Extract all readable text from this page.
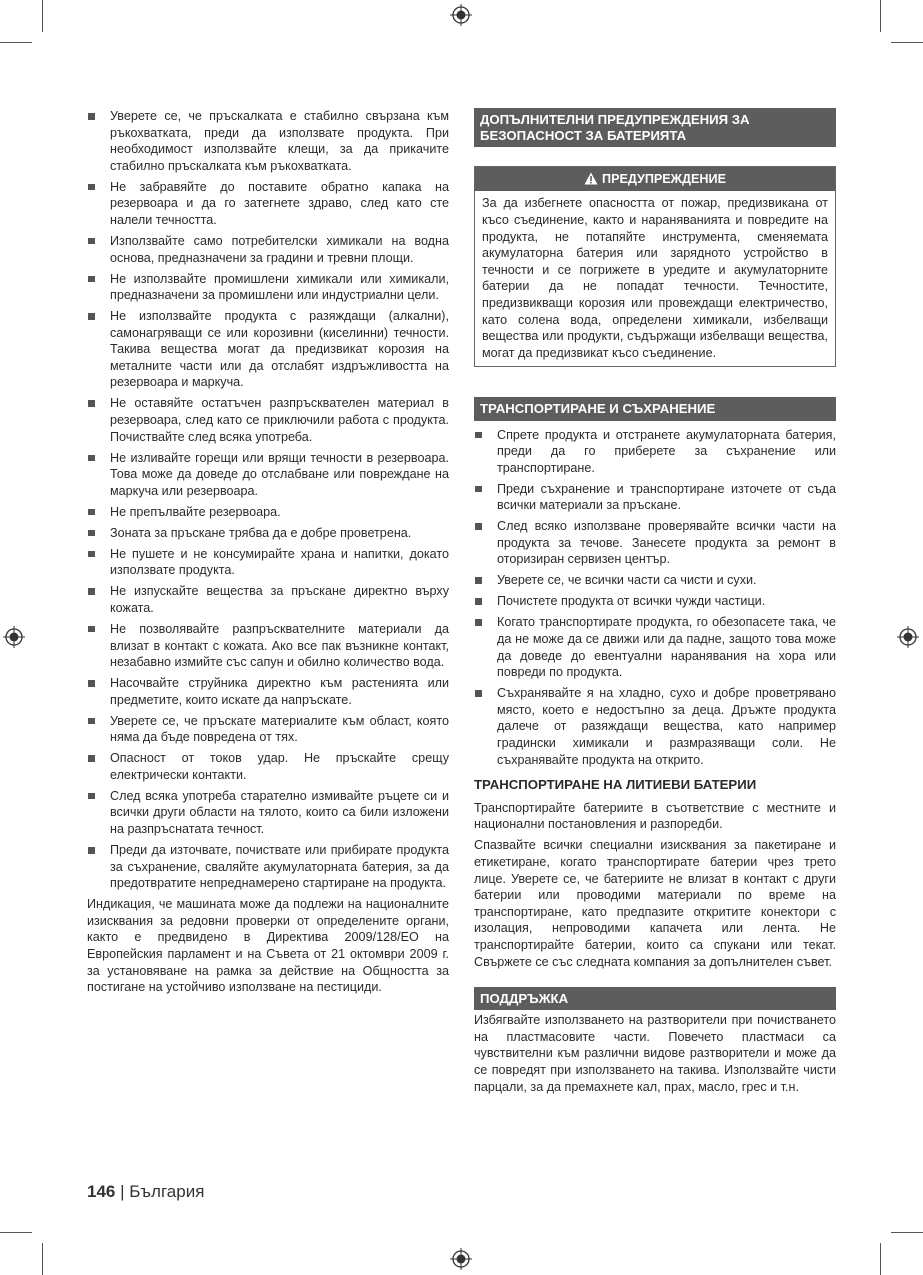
Уверете се, че пръскалката е стабилно свързана към ръкохватката, преди да използвате продукта. При необходимост използвайте клещи, за да прикачите стабилно пръскалката към ръкохватката.
Не забравяйте до поставите обратно капака на резервоара и да го затегнете здраво, след като сте налели течността.
Използвайте само потребителски химикали на водна основа, предназначени за градини и тревни площи.
Не използвайте промишлени химикали или химикали, предназначени за промишлени или индустриални цели.
Не използвайте продукта с разяждащи (алкални), самонагряващи се или корозивни (киселинни) течности. Такива вещества могат да предизвикат корозия на металните части или да отслабят издръжливостта на резервоара и маркуча.
Не оставяйте остатъчен разпръсквателен материал в резервоара, след като се приключили работа с продукта. Почиствайте след всяка употреба.
Не изливайте горещи или врящи течности в резервоара. Това може да доведе до отслабване или повреждане на маркуча или резервоара.
Не препълвайте резервоара.
Зоната за пръскане трябва да е добре проветрена.
Не пушете и не консумирайте храна и напитки, докато използвате продукта.
Не изпускайте вещества за пръскане директно върху кожата.
Не позволявайте разпръсквателните материали да влизат в контакт с кожата. Ако все пак възникне контакт, незабавно измийте със сапун и обилно количество вода.
Насочвайте струйника директно към растенията или предметите, които искате да напръскате.
Уверете се, че пръскате материалите към област, която няма да бъде повредена от тях.
Опасност от токов удар. Не пръскайте срещу електрически контакти.
След всяка употреба старателно измивайте ръцете си и всички други области на тялото, които са били изложени на разпръснатата течност.
Преди да източвате, почиствате или прибирате продукта за съхранение, сваляйте акумулаторната батерия, за да предотвратите непреднамерено стартиране на продукта.

Индикация, че машината може да подлежи на националните изисквания за редовни проверки от определените органи, както е предвидено в Директива 2009/128/ЕО на Европейския парламент и на Съвета от 21 октомври 2009 г. за установяване на рамка за действие на Общността за постигане на устойчиво използване на пестициди.

ДОПЪЛНИТЕЛНИ ПРЕДУПРЕЖДЕНИЯ ЗА БЕЗОПАСНОСТ ЗА БАТЕРИЯТА
ПРЕДУПРЕЖДЕНИЕ
За да избегнете опасността от пожар, предизвикана от късо съединение, както и нараняванията и повредите на продукта, не потапяйте инструмента, сменяемата акумулаторна батерия или зарядното устройство в течности и се погрижете в уредите и акумулаторните батерии да не попадат течности. Течностите, предизвикващи корозия или провеждащи електричество, като солена вода, определени химикали, избелващи вещества или продукти, съдържащи избелващи вещества, могат да предизвикат късо съединение.
ТРАНСПОРТИРАНЕ И СЪХРАНЕНИЕ
Спрете продукта и отстранете акумулаторната батерия, преди да го приберете за съхранение или транспортиране.
Преди съхранение и транспортиране източете от съда всички материали за пръскане.
След всяко използване проверявайте всички части на продукта за течове. Занесете продукта за ремонт в оторизиран сервизен център.
Уверете се, че всички части са чисти и сухи.
Почистете продукта от всички чужди частици.
Когато транспортирате продукта, го обезопасете така, че да не може да се движи или да падне, защото това може да доведе до евентуални наранявания на хора или повреди по продукта.
Съхранявайте я на хладно, сухо и добре проветрявано място, което е недостъпно за деца. Дръжте продукта далече от разяждащи вещества, като например градински химикали и размразяващи соли. Не съхранявайте продукта на открито.
ТРАНСПОРТИРАНЕ НА ЛИТИЕВИ БАТЕРИИ

Транспортирайте батериите в съответствие с местните и национални постановления и разпоредби.

Спазвайте всички специални изисквания за пакетиране и етикетиране, когато транспортирате батерии чрез трето лице. Уверете се, че батериите не влизат в контакт с други батерии или проводими материали по време на транспортиране, като предпазите откритите конектори с изолация, непроводими капачета или лента. Не транспортирайте батерии, които са спукани или текат. Свържете се със следната компания за допълнителен съвет.

ПОДДРЪЖКА

Избягвайте използването на разтворители при почистването на пластмасовите части. Повечето пластмаси са чувствителни към различни видове разтворители и може да се повредят при използването на такива. Използвайте чисти парцали, за да премахнете кал, прах, масло, грес и т.н.

146 | България
